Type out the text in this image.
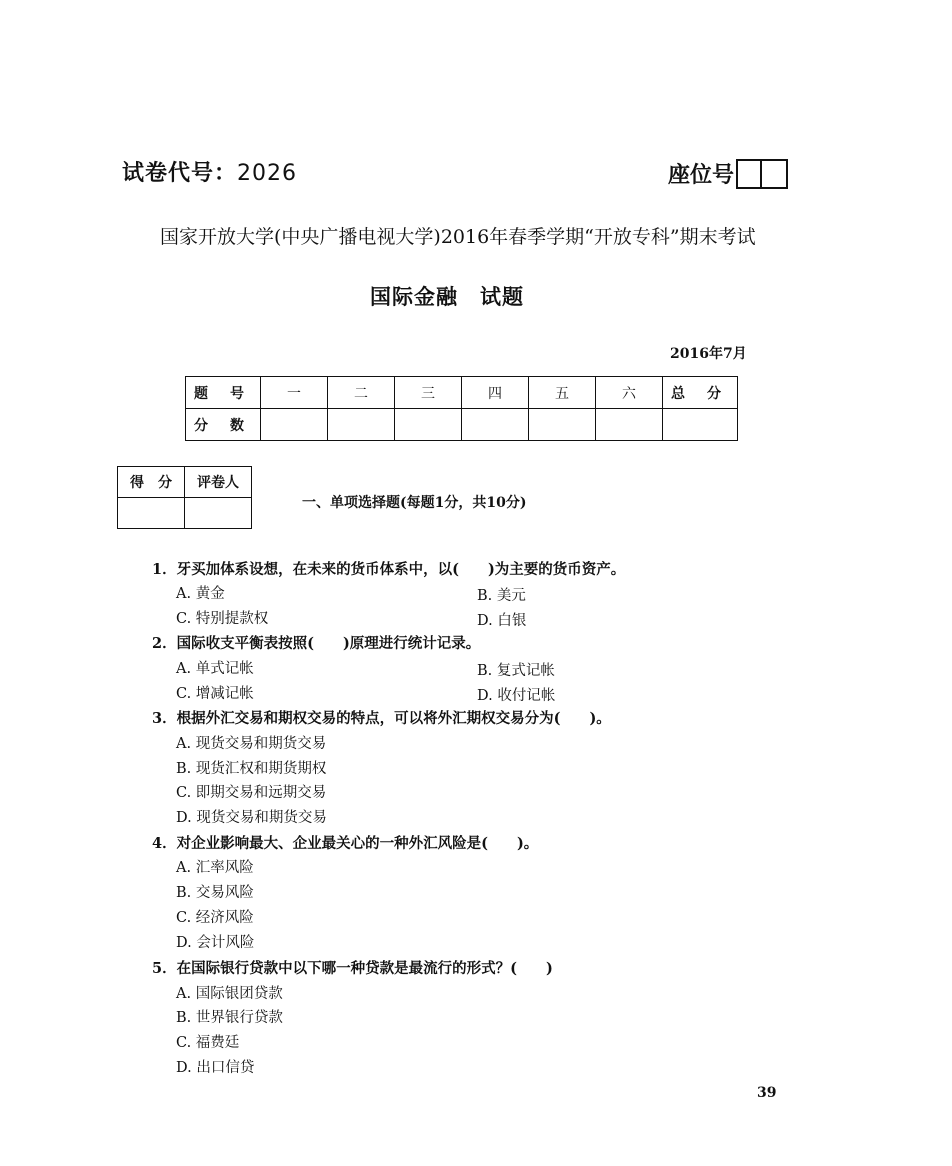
试卷代号：2026	座位号
国家开放大学(中央广播电视大学)2016年春季学期“开放专科”期末考试
国际金融　试题
2016年7月
题　号	一	二	三	四	五	六	总　分
分　数							
得　分	评卷人

一、单项选择题(每题1分，共10分)
1．牙买加体系设想，在未来的货币体系中，以(　　)为主要的货币资产。
A. 黄金	B. 美元
C. 特别提款权	D. 白银
2．国际收支平衡表按照(　　)原理进行统计记录。
A. 单式记帐	B. 复式记帐
C. 增减记帐	D. 收付记帐
3．根据外汇交易和期权交易的特点，可以将外汇期权交易分为(　　)。
A. 现货交易和期货交易
B. 现货汇权和期货期权
C. 即期交易和远期交易
D. 现货交易和期货交易
4．对企业影响最大、企业最关心的一种外汇风险是(　　)。
A. 汇率风险
B. 交易风险
C. 经济风险
D. 会计风险
5．在国际银行贷款中以下哪一种贷款是最流行的形式？(　　)
A. 国际银团贷款
B. 世界银行贷款
C. 福费廷
D. 出口信贷
39
